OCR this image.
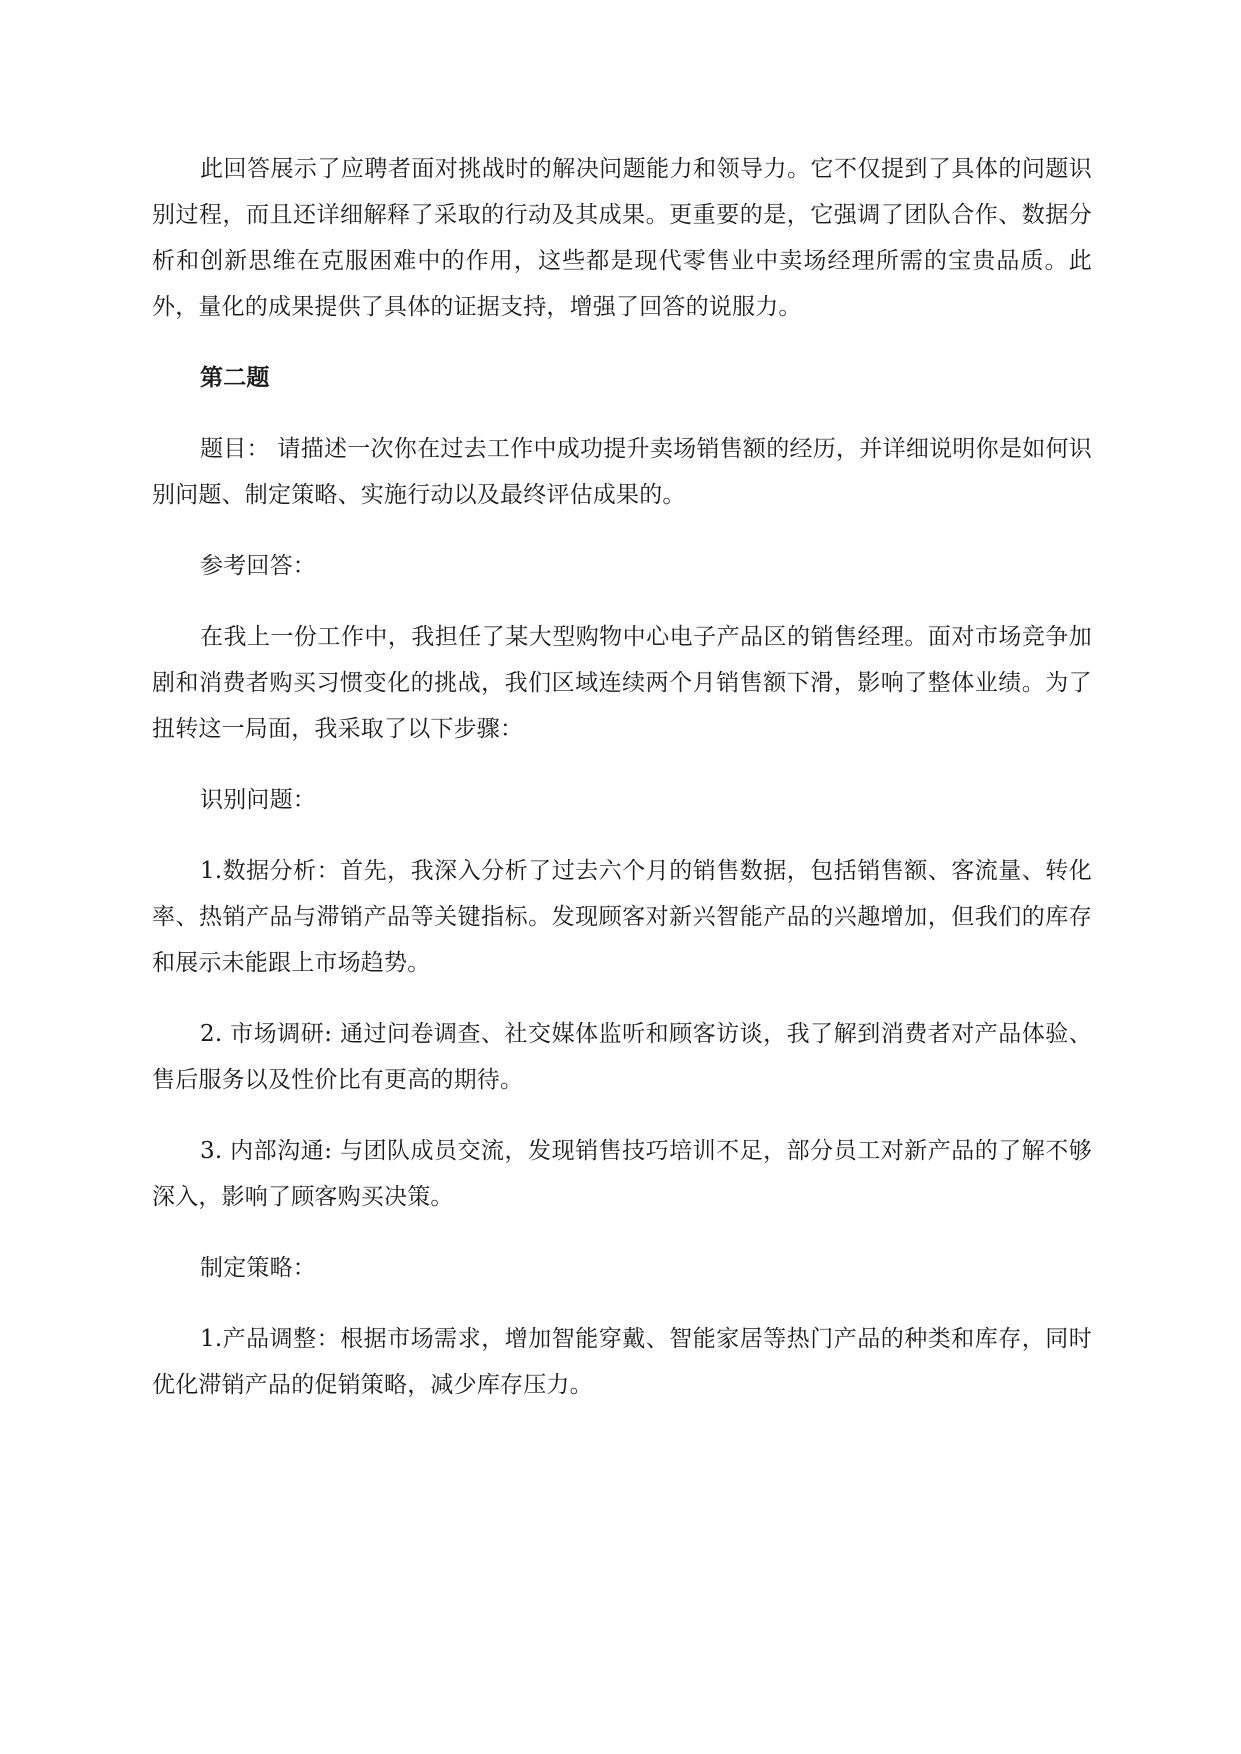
此回答展示了应聘者面对挑战时的解决问题能力和领导力。它不仅提到了具体的问题识别过程，而且还详细解释了采取的行动及其成果。更重要的是，它强调了团队合作、数据分析和创新思维在克服困难中的作用，这些都是现代零售业中卖场经理所需的宝贵品质。此外，量化的成果提供了具体的证据支持，增强了回答的说服力。

第二题

题目： 请描述一次你在过去工作中成功提升卖场销售额的经历，并详细说明你是如何识别问题、制定策略、实施行动以及最终评估成果的。

参考回答：

在我上一份工作中，我担任了某大型购物中心电子产品区的销售经理。面对市场竞争加剧和消费者购买习惯变化的挑战，我们区域连续两个月销售额下滑，影响了整体业绩。为了扭转这一局面，我采取了以下步骤：

识别问题：

1.数据分析：首先，我深入分析了过去六个月的销售数据，包括销售额、客流量、转化率、热销产品与滞销产品等关键指标。发现顾客对新兴智能产品的兴趣增加，但我们的库存和展示未能跟上市场趋势。

2. 市场调研: 通过问卷调查、社交媒体监听和顾客访谈，我了解到消费者对产品体验、售后服务以及性价比有更高的期待。

3. 内部沟通: 与团队成员交流，发现销售技巧培训不足，部分员工对新产品的了解不够深入，影响了顾客购买决策。

制定策略：

1.产品调整：根据市场需求，增加智能穿戴、智能家居等热门产品的种类和库存，同时优化滞销产品的促销策略，减少库存压力。
